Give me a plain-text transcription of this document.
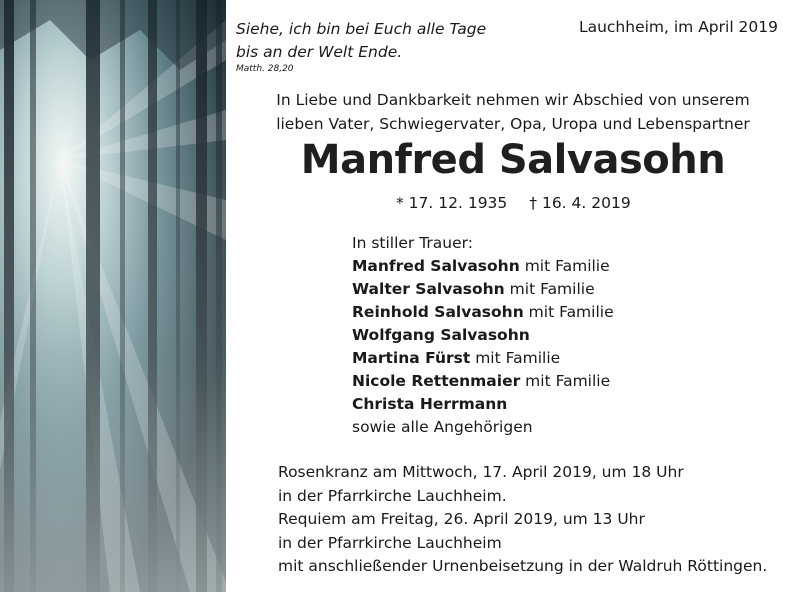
Siehe, ich bin bei Euch alle Tage
bis an der Welt Ende.
Matth. 28,20
Lauchheim, im April 2019
In Liebe und Dankbarkeit nehmen wir Abschied von unserem
lieben Vater, Schwiegervater, Opa, Uropa und Lebenspartner
Manfred Salvasohn
* 17. 12. 1935 † 16. 4. 2019
In stiller Trauer:
Manfred Salvasohn mit Familie
Walter Salvasohn mit Familie
Reinhold Salvasohn mit Familie
Wolfgang Salvasohn
Martina Fürst mit Familie
Nicole Rettenmaier mit Familie
Christa Herrmann
sowie alle Angehörigen
Rosenkranz am Mittwoch, 17. April 2019, um 18 Uhr
in der Pfarrkirche Lauchheim.
Requiem am Freitag, 26. April 2019, um 13 Uhr
in der Pfarrkirche Lauchheim
mit anschließender Urnenbeisetzung in der Waldruh Röttingen.
